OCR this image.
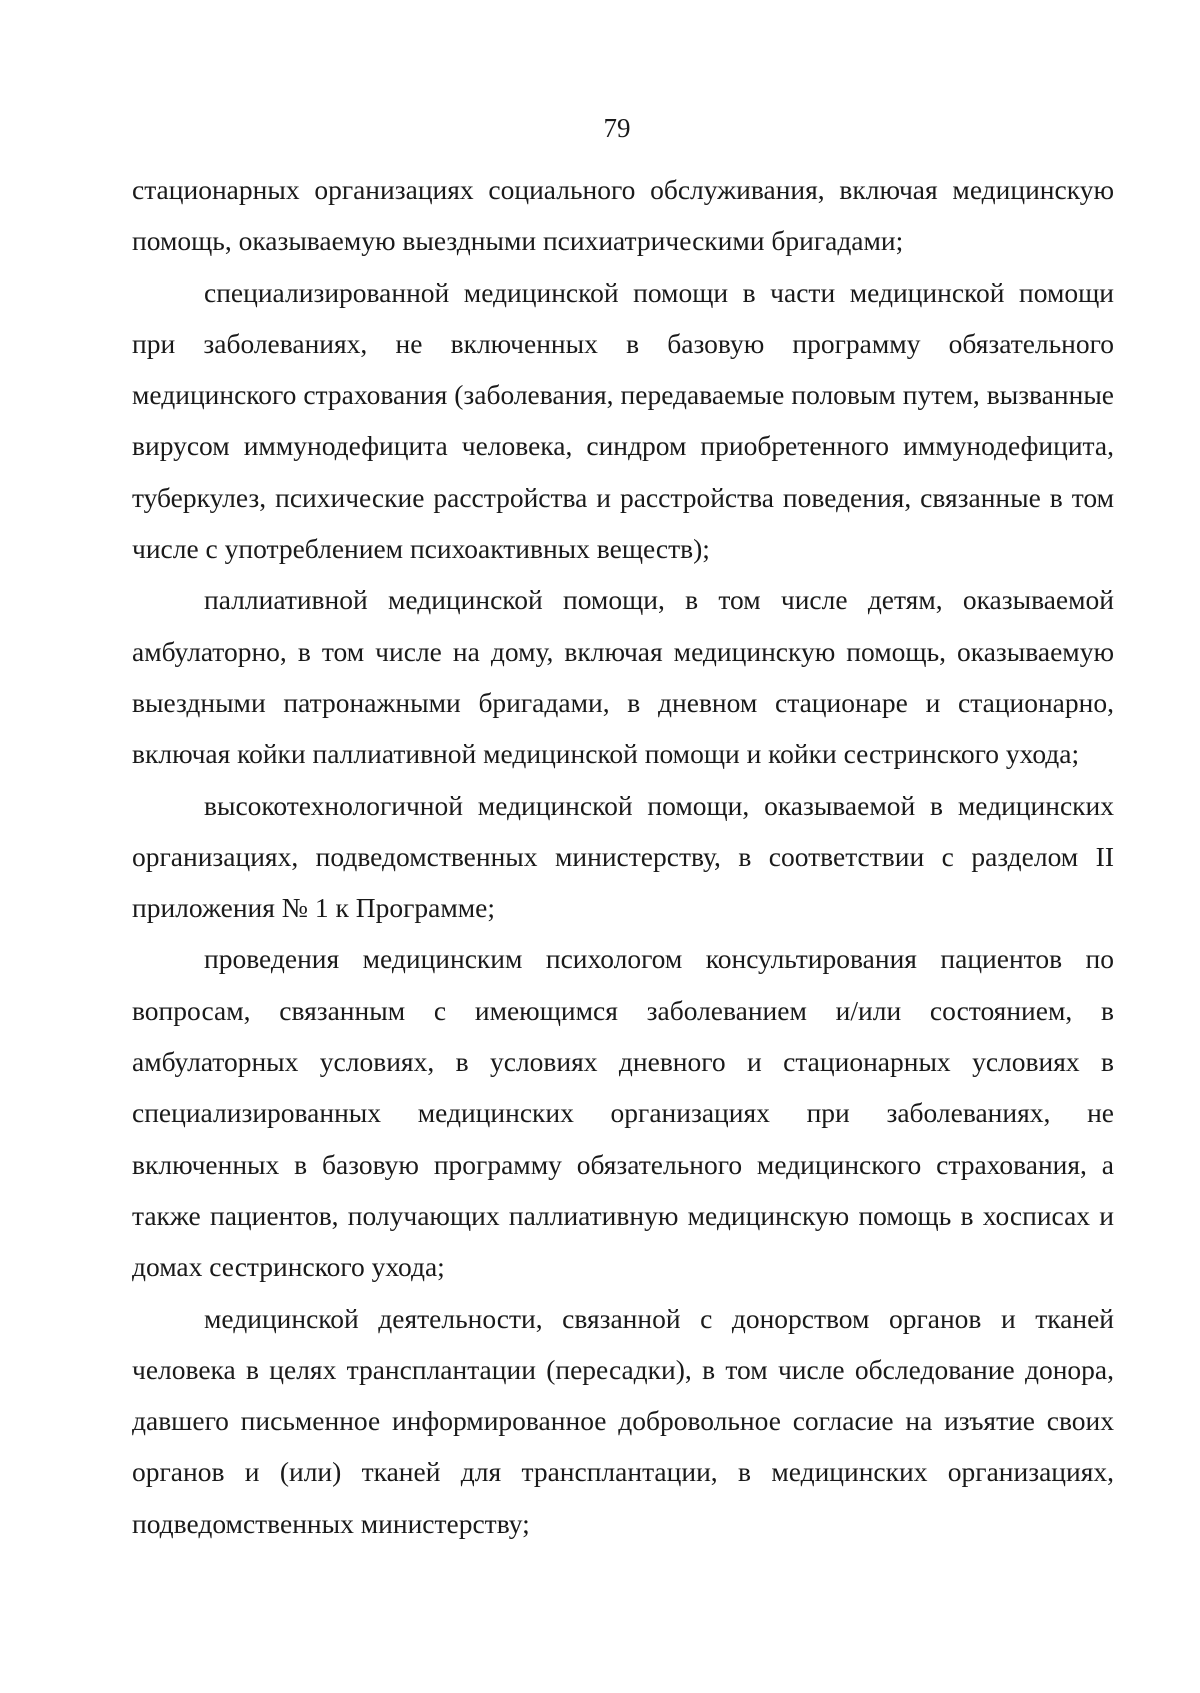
79

стационарных организациях социального обслуживания, включая медицинскую помощь, оказываемую выездными психиатрическими бригадами;

специализированной медицинской помощи в части медицинской помощи при заболеваниях, не включенных в базовую программу обязательного медицинского страхования (заболевания, передаваемые половым путем, вызванные вирусом иммунодефицита человека, синдром приобретенного иммунодефицита, туберкулез, психические расстройства и расстройства поведения, связанные в том числе с употреблением психоактивных веществ);

паллиативной медицинской помощи, в том числе детям, оказываемой амбулаторно, в том числе на дому, включая медицинскую помощь, оказываемую выездными патронажными бригадами, в дневном стационаре и стационарно, включая койки паллиативной медицинской помощи и койки сестринского ухода;

высокотехнологичной медицинской помощи, оказываемой в медицинских организациях, подведомственных министерству, в соответствии с разделом II приложения № 1 к Программе;

проведения медицинским психологом консультирования пациентов по вопросам, связанным с имеющимся заболеванием и/или состоянием, в амбулаторных условиях, в условиях дневного и стационарных условиях в специализированных медицинских организациях при заболеваниях, не включенных в базовую программу обязательного медицинского страхования, а также пациентов, получающих паллиативную медицинскую помощь в хосписах и домах сестринского ухода;

медицинской деятельности, связанной с донорством органов и тканей человека в целях трансплантации (пересадки), в том числе обследование донора, давшего письменное информированное добровольное согласие на изъятие своих органов и (или) тканей для трансплантации, в медицинских организациях, подведомственных министерству;
